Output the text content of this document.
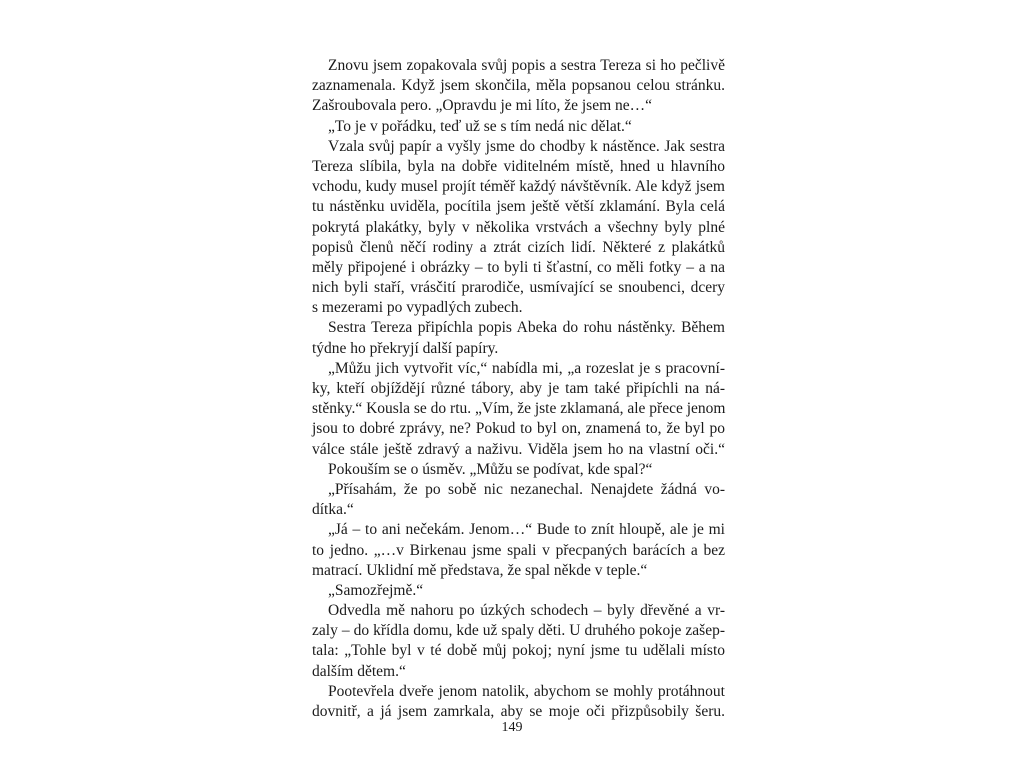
Znovu jsem zopakovala svůj popis a sestra Tereza si ho pečlivě
zaznamenala. Když jsem skončila, měla popsanou celou stránku.
Zašroubovala pero. „Opravdu je mi líto, že jsem ne…“
„To je v pořádku, teď už se s tím nedá nic dělat.“
Vzala svůj papír a vyšly jsme do chodby k nástěnce. Jak sestra
Tereza slíbila, byla na dobře viditelném místě, hned u hlavního
vchodu, kudy musel projít téměř každý návštěvník. Ale když jsem
tu nástěnku uviděla, pocítila jsem ještě větší zklamání. Byla celá
pokrytá plakátky, byly v několika vrstvách a všechny byly plné
popisů členů něčí rodiny a ztrát cizích lidí. Některé z plakátků
měly připojené i obrázky – to byli ti šťastní, co měli fotky – a na
nich byli staří, vrásčití prarodiče, usmívající se snoubenci, dcery
s mezerami po vypadlých zubech.
Sestra Tereza připíchla popis Abeka do rohu nástěnky. Během
týdne ho překryjí další papíry.
„Můžu jich vytvořit víc,“ nabídla mi, „a rozeslat je s pracovní-
ky, kteří objíždějí různé tábory, aby je tam také připíchli na ná-
stěnky.“ Kousla se do rtu. „Vím, že jste zklamaná, ale přece jenom
jsou to dobré zprávy, ne? Pokud to byl on, znamená to, že byl po
válce stále ještě zdravý a naživu. Viděla jsem ho na vlastní oči.“
Pokouším se o úsměv. „Můžu se podívat, kde spal?“
„Přísahám, že po sobě nic nezanechal. Nenajdete žádná vo-
dítka.“
„Já – to ani nečekám. Jenom…“ Bude to znít hloupě, ale je mi
to jedno. „…v Birkenau jsme spali v přecpaných barácích a bez
matrací. Uklidní mě představa, že spal někde v teple.“
„Samozřejmě.“
Odvedla mě nahoru po úzkých schodech – byly dřevěné a vr-
zaly – do křídla domu, kde už spaly děti. U druhého pokoje zašep-
tala: „Tohle byl v té době můj pokoj; nyní jsme tu udělali místo
dalším dětem.“
Pootevřela dveře jenom natolik, abychom se mohly protáhnout
dovnitř, a já jsem zamrkala, aby se moje oči přizpůsobily šeru.
149
